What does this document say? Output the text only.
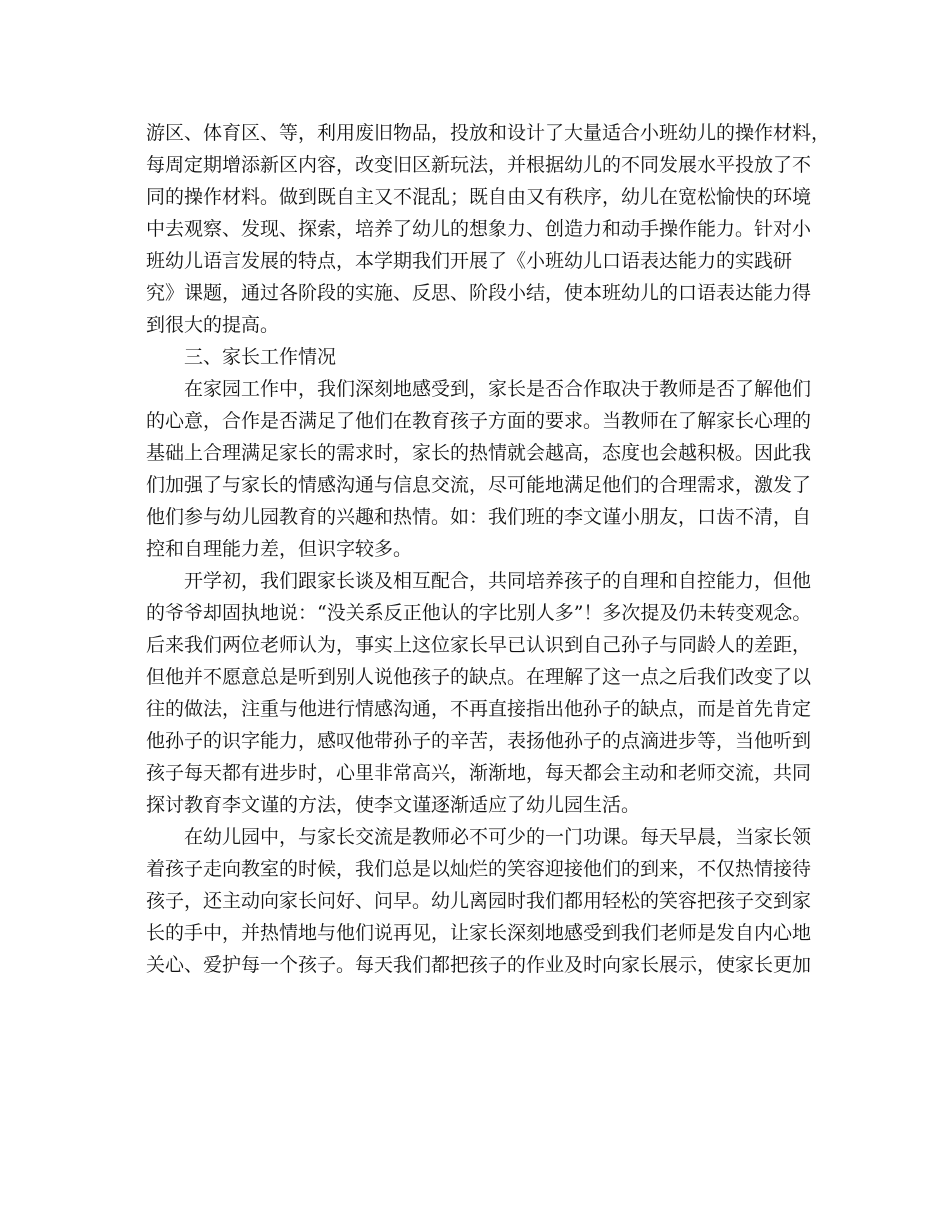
游区、体育区、等，利用废旧物品，投放和设计了大量适合小班幼儿的操作材料，
每周定期增添新区内容，改变旧区新玩法，并根据幼儿的不同发展水平投放了不
同的操作材料。做到既自主又不混乱；既自由又有秩序，幼儿在宽松愉快的环境
中去观察、发现、探索，培养了幼儿的想象力、创造力和动手操作能力。针对小
班幼儿语言发展的特点，本学期我们开展了《小班幼儿口语表达能力的实践研
究》课题，通过各阶段的实施、反思、阶段小结，使本班幼儿的口语表达能力得
到很大的提高。
三、家长工作情况
在家园工作中，我们深刻地感受到，家长是否合作取决于教师是否了解他们
的心意，合作是否满足了他们在教育孩子方面的要求。当教师在了解家长心理的
基础上合理满足家长的需求时，家长的热情就会越高，态度也会越积极。因此我
们加强了与家长的情感沟通与信息交流，尽可能地满足他们的合理需求，激发了
他们参与幼儿园教育的兴趣和热情。如：我们班的李文谨小朋友，口齿不清，自
控和自理能力差，但识字较多。
开学初，我们跟家长谈及相互配合，共同培养孩子的自理和自控能力，但他
的爷爷却固执地说：“没关系反正他认的字比别人多”！多次提及仍未转变观念。
后来我们两位老师认为，事实上这位家长早已认识到自己孙子与同龄人的差距，
但他并不愿意总是听到别人说他孩子的缺点。在理解了这一点之后我们改变了以
往的做法，注重与他进行情感沟通，不再直接指出他孙子的缺点，而是首先肯定
他孙子的识字能力，感叹他带孙子的辛苦，表扬他孙子的点滴进步等，当他听到
孩子每天都有进步时，心里非常高兴，渐渐地，每天都会主动和老师交流，共同
探讨教育李文谨的方法，使李文谨逐渐适应了幼儿园生活。
在幼儿园中，与家长交流是教师必不可少的一门功课。每天早晨，当家长领
着孩子走向教室的时候，我们总是以灿烂的笑容迎接他们的到来，不仅热情接待
孩子，还主动向家长问好、问早。幼儿离园时我们都用轻松的笑容把孩子交到家
长的手中，并热情地与他们说再见，让家长深刻地感受到我们老师是发自内心地
关心、爱护每一个孩子。每天我们都把孩子的作业及时向家长展示，使家长更加
